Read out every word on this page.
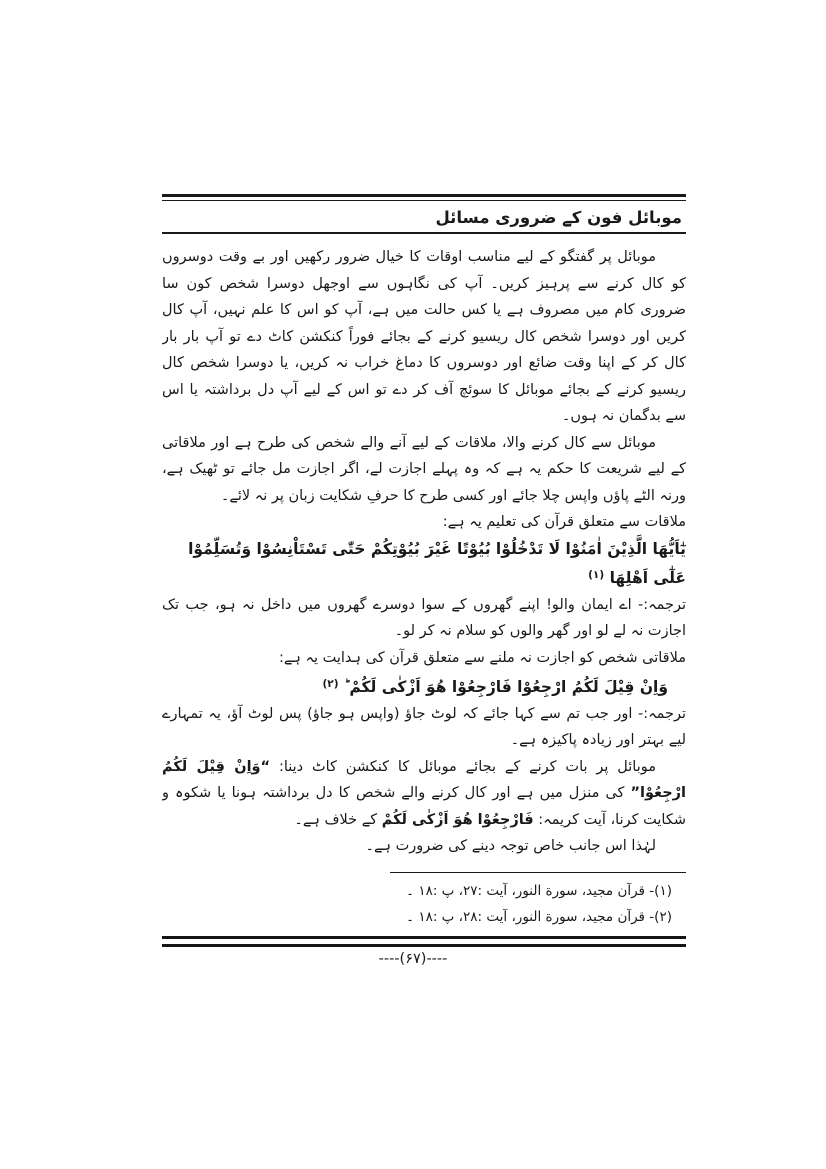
موبائل فون کے ضروری مسائل

موبائل پر گفتگو کے لیے مناسب اوقات کا خیال ضرور رکھیں اور بے وقت دوسروں کو کال کرنے سے پرہیز کریں۔ آپ کی نگاہوں سے اوجھل دوسرا شخص کون سا ضروری کام میں مصروف ہے یا کس حالت میں ہے، آپ کو اس کا علم نہیں، آپ کال کریں اور دوسرا شخص کال ریسیو کرنے کے بجائے فوراً کنکشن کاٹ دے تو آپ بار بار کال کر کے اپنا وقت ضائع اور دوسروں کا دماغ خراب نہ کریں، یا دوسرا شخص کال ریسیو کرنے کے بجائے موبائل کا سوئچ آف کر دے تو اس کے لیے آپ دل برداشتہ یا اس سے بدگمان نہ ہوں۔

موبائل سے کال کرنے والا، ملاقات کے لیے آنے والے شخص کی طرح ہے اور ملاقاتی کے لیے شریعت کا حکم یہ ہے کہ وہ پہلے اجازت لے، اگر اجازت مل جائے تو ٹھیک ہے، ورنہ الٹے پاؤں واپس چلا جائے اور کسی طرح کا حرفِ شکایت زبان پر نہ لائے۔

ملاقات سے متعلق قرآن کی تعلیم یہ ہے:

يٰٓاَيُّهَا الَّذِيْنَ اٰمَنُوْا لَا تَدْخُلُوْا بُيُوْتًا غَيْرَ بُيُوْتِكُمْ حَتّٰى تَسْتَاْنِسُوْا وَتُسَلِّمُوْا عَلٰٓى اَهْلِهَا $^{(۱)}$

ترجمہ:- اے ایمان والو! اپنے گھروں کے سوا دوسرے گھروں میں داخل نہ ہو، جب تک اجازت نہ لے لو اور گھر والوں کو سلام نہ کر لو۔

ملاقاتی شخص کو اجازت نہ ملنے سے متعلق قرآن کی ہدایت یہ ہے:

وَاِنْ قِيْلَ لَكُمُ ارْجِعُوْا فَارْجِعُوْا هُوَ اَزْكٰى لَكُمْ ؕ $^{(۲)}$

ترجمہ:- اور جب تم سے کہا جائے کہ لوٹ جاؤ (واپس ہو جاؤ) پس لوٹ آؤ، یہ تمہارے لیے بہتر اور زیادہ پاکیزہ ہے۔

موبائل پر بات کرنے کے بجائے موبائل کا کنکشن کاٹ دینا: “وَاِنْ قِيْلَ لَكُمُ ارْجِعُوْا” کی منزل میں ہے اور کال کرنے والے شخص کا دل برداشتہ ہونا یا شکوہ و شکایت کرنا، آیت کریمہ: فَارْجِعُوْا هُوَ اَزْكٰى لَكُمْ کے خلاف ہے۔

لہٰذا اس جانب خاص توجہ دینے کی ضرورت ہے۔

(۱)- قرآن مجید، سورة النور، آیت :۲۷، پ :۱۸ ۔
(۲)- قرآن مجید، سورة النور، آیت :۲۸، پ :۱۸ ۔
----(۶۷)----
